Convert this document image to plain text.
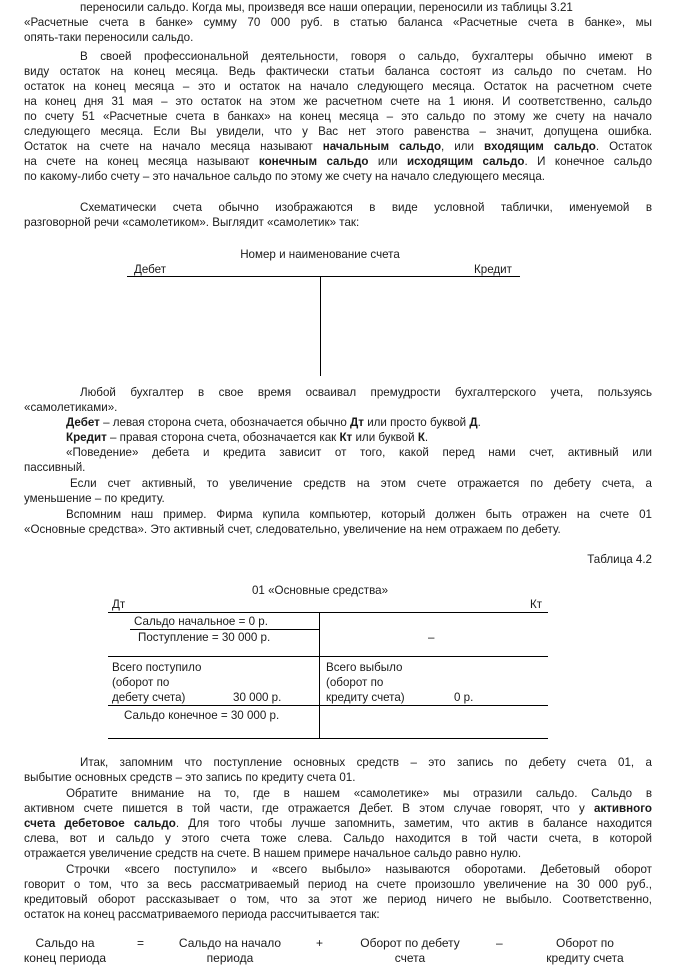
переносили сальдо. Когда мы, произведя все наши операции, переносили из таблицы 3.21
«Расчетные счета в банке» сумму 70 000 руб. в статью баланса «Расчетные счета в банке», мы
опять-таки переносили сальдо.
В своей профессиональной деятельности, говоря о сальдо, бухгалтеры обычно имеют в
виду остаток на конец месяца. Ведь фактически статьи баланса состоят из сальдо по счетам. Но
остаток на конец месяца – это и остаток на начало следующего месяца. Остаток на расчетном счете
на конец дня 31 мая – это остаток на этом же расчетном счете на 1 июня. И соответственно, сальдо
по счету 51 «Расчетные счета в банках» на конец месяца – это сальдо по этому же счету на начало
следующего месяца. Если Вы увидели, что у Вас нет этого равенства – значит, допущена ошибка.
Остаток на счете на начало месяца называют начальным сальдо, или входящим сальдо. Остаток
на счете на конец месяца называют конечным сальдо или исходящим сальдо. И конечное сальдо
по какому-либо счету – это начальное сальдо по этому же счету на начало следующего месяца.
Схематически счета обычно изображаются в виде условной таблички, именуемой в
разговорной речи «самолетиком». Выглядит «самолетик» так:
Номер и наименование счета
Дебет	Кредит
Любой бухгалтер в свое время осваивал премудрости бухгалтерского учета, пользуясь
«самолетиками».
Дебет – левая сторона счета, обозначается обычно Дт или просто буквой Д.
Кредит – правая сторона счета, обозначается как Кт или буквой К.
«Поведение» дебета и кредита зависит от того, какой перед нами счет, активный или
пассивный.
Если счет активный, то увеличение средств на этом счете отражается по дебету счета, а
уменьшение – по кредиту.
Вспомним наш пример. Фирма купила компьютер, который должен быть отражен на счете 01
«Основные средства». Это активный счет, следовательно, увеличение на нем отражаем по дебету.
Таблица 4.2
01 «Основные средства»
Дт	Кт
Сальдо начальное = 0 р.
Поступление = 30 000 р.	–
Всего поступило
(оборот по
дебету счета)	30 000 р.
Всего выбыло
(оборот по
кредиту счета)	0 р.
Сальдо конечное = 30 000 р.
Итак, запомним что поступление основных средств – это запись по дебету счета 01, а
выбытие основных средств – это запись по кредиту счета 01.
Обратите внимание на то, где в нашем «самолетике» мы отразили сальдо. Сальдо в
активном счете пишется в той части, где отражается Дебет. В этом случае говорят, что у активного
счета дебетовое сальдо. Для того чтобы лучше запомнить, заметим, что актив в балансе находится
слева, вот и сальдо у этого счета тоже слева. Сальдо находится в той части счета, в которой
отражается увеличение средств на счете. В нашем примере начальное сальдо равно нулю.
Строчки «всего поступило» и «всего выбыло» называются оборотами. Дебетовый оборот
говорит о том, что за весь рассматриваемый период на счете произошло увеличение на 30 000 руб.,
кредитовый оборот рассказывает о том, что за этот же период ничего не выбыло. Соответственно,
остаток на конец рассматриваемого периода рассчитывается так:
Сальдо на
конец периода
=	Сальдо на начало
периода
+	Оборот по дебету
счета
–	Оборот по
кредиту счета
